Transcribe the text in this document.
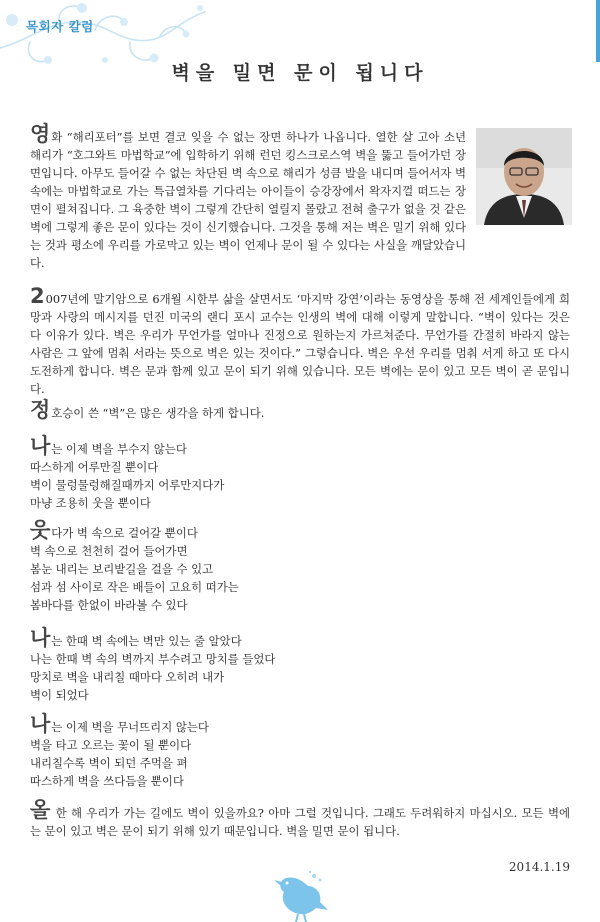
목회자 칼럼
벽을 밀면 문이 됩니다

영화 “해리포터”를 보면 결코 잊을 수 없는 장면 하나가 나옵니다. 열한 살 고아 소년 해리가 “호그와트 마법학교”에 입학하기 위해 런던 킹스크로스역 벽을 뚫고 들어가던 장면입니다. 아무도 들어갈 수 없는 차단된 벽 속으로 해리가 성큼 발을 내디며 들어서자 벽 속에는 마법학교로 가는 특급열차를 기다리는 아이들이 승강장에서 왁자지껄 떠드는 장면이 펼쳐집니다. 그 육중한 벽이 그렇게 간단히 열릴지 몰랐고 전혀 출구가 없을 것 같은 벽에 그렇게 좋은 문이 있다는 것이 신기했습니다. 그것을 통해 저는 벽은 밀기 위해 있다는 것과 평소에 우리를 가로막고 있는 벽이 언제나 문이 될 수 있다는 사실을 깨달았습니다.

2007년에 말기암으로 6개월 시한부 삶을 살면서도 ‘마지막 강연’이라는 동영상을 통해 전 세계인들에게 희망과 사랑의 메시지를 던진 미국의 랜디 포시 교수는 인생의 벽에 대해 이렇게 말합니다. “벽이 있다는 것은 다 이유가 있다. 벽은 우리가 무언가를 얼마나 진정으로 원하는지 가르쳐준다. 무언가를 간절히 바라지 않는 사람은 그 앞에 멈춰 서라는 뜻으로 벽은 있는 것이다.” 그렇습니다. 벽은 우선 우리를 멈춰 서게 하고 또 다시 도전하게 합니다. 벽은 문과 함께 있고 문이 되기 위해 있습니다. 모든 벽에는 문이 있고 모든 벽이 곧 문입니다.

정호승이 쓴 “벽”은 많은 생각을 하게 합니다.

나는 이제 벽을 부수지 않는다
따스하게 어루만질 뿐이다
벽이 물렁물렁해질때까지 어루만지다가
마냥 조용히 웃을 뿐이다
웃다가 벽 속으로 걸어갈 뿐이다
벽 속으로 천천히 걸어 들어가면
봄눈 내리는 보리밭길을 걸을 수 있고
섬과 섬 사이로 작은 배들이 고요히 떠가는
봄바다를 한없이 바라볼 수 있다
나는 한때 벽 속에는 벽만 있는 줄 알았다
나는 한때 벽 속의 벽까지 부수려고 망치를 들었다
망치로 벽을 내리칠 때마다 오히려 내가
벽이 되었다
나는 이제 벽을 무너뜨리지 않는다
벽을 타고 오르는 꽃이 될 뿐이다
내리칠수록 벽이 되던 주먹을 펴
따스하게 벽을 쓰다듬을 뿐이다

올 한 해 우리가 가는 길에도 벽이 있을까요? 아마 그럴 것입니다. 그래도 두려워하지 마십시오. 모든 벽에는 문이 있고 벽은 문이 되기 위해 있기 때문입니다. 벽을 밀면 문이 됩니다.

2014.1.19
